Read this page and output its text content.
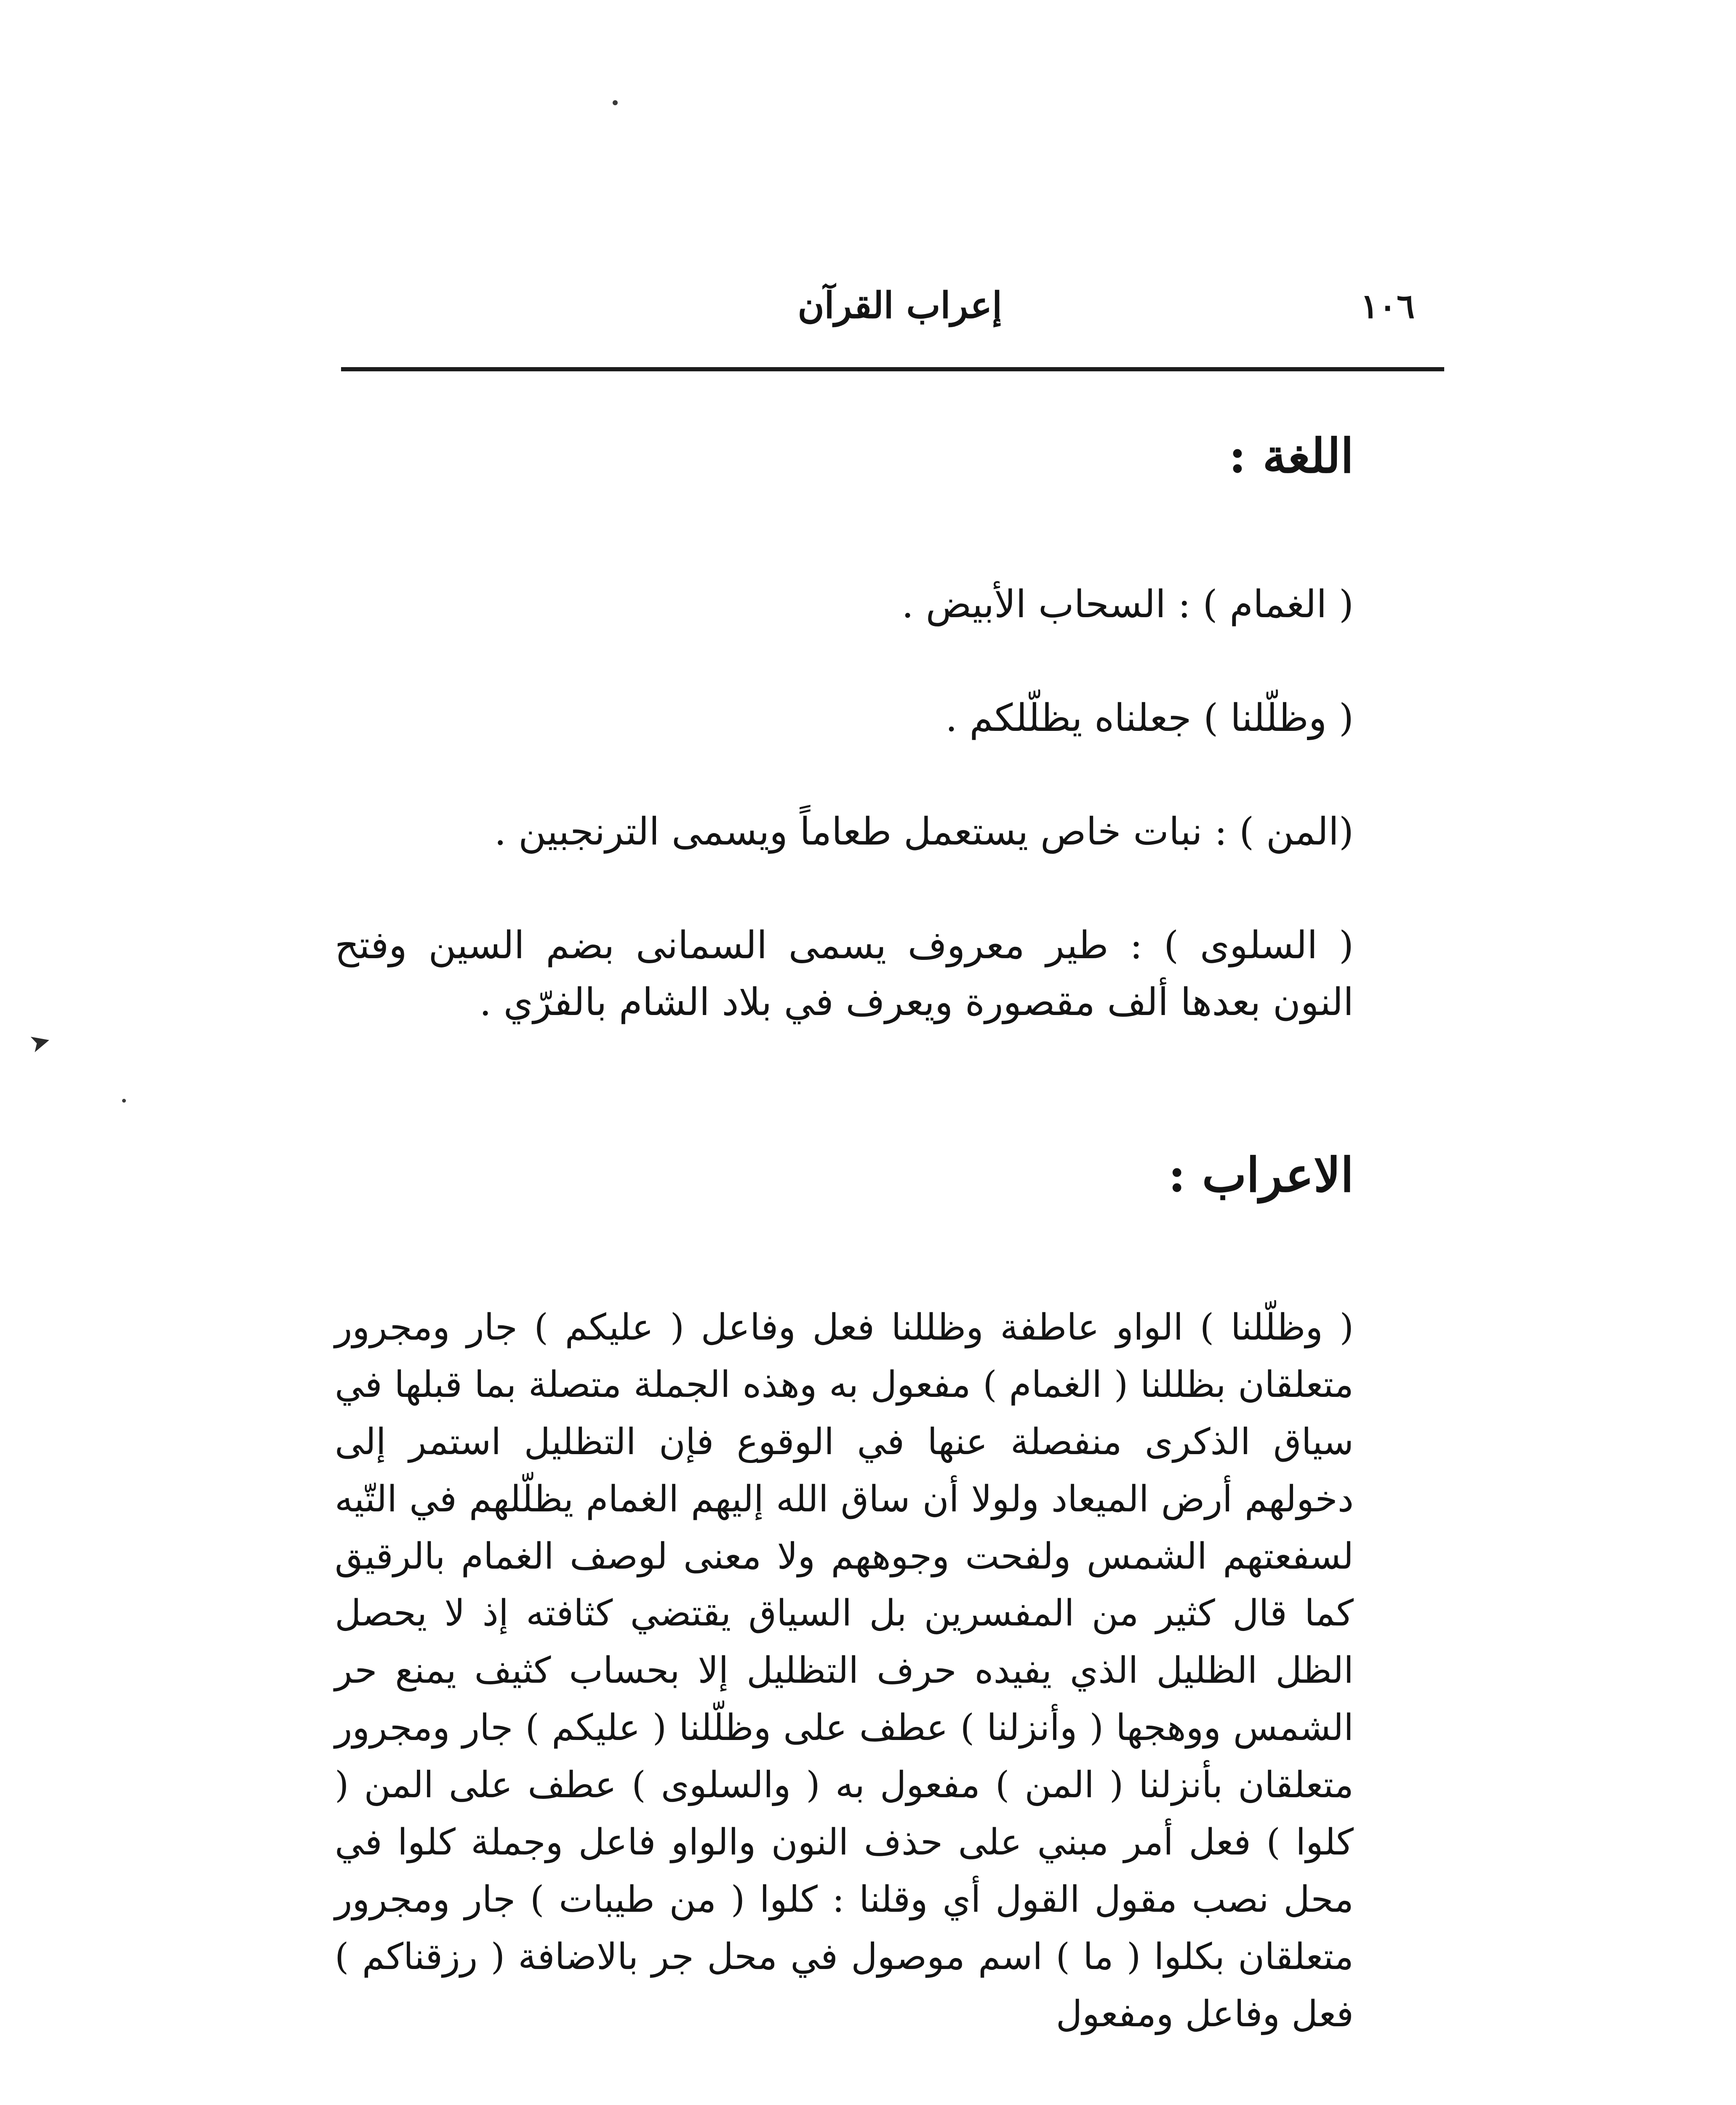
١٠٦
إعراب القرآن
اللغة :

( الغمام ) : السحاب الأبيض .

( وظلّلنا ) جعلناه يظلّلكم .

(المن ) : نبات خاص يستعمل طعاماً ويسمى الترنجبين .

( السلوى ) : طير معروف يسمى السمانى بضم السين وفتح النون بعدها ألف مقصورة ويعرف في بلاد الشام بالفرّي .

الاعراب :

( وظلّلنا ) الواو عاطفة وظللنا فعل وفاعل ( عليكم ) جار ومجرور متعلقان بظللنا ( الغمام ) مفعول به وهذه الجملة متصلة بما قبلها في سياق الذكرى منفصلة عنها في الوقوع فإن التظليل استمر إلى دخولهم أرض الميعاد ولولا أن ساق الله إليهم الغمام يظلّلهم في التّيه لسفعتهم الشمس ولفحت وجوههم ولا معنى لوصف الغمام بالرقيق كما قال كثير من المفسرين بل السياق يقتضي كثافته إذ لا يحصل الظل الظليل الذي يفيده حرف التظليل إلا بحساب كثيف يمنع حر الشمس ووهجها ( وأنزلنا ) عطف على وظلّلنا ( عليكم ) جار ومجرور متعلقان بأنزلنا ( المن ) مفعول به ( والسلوى ) عطف على المن ( كلوا ) فعل أمر مبني على حذف النون والواو فاعل وجملة كلوا في محل نصب مقول القول أي وقلنا : كلوا ( من طيبات ) جار ومجرور متعلقان بكلوا ( ما ) اسم موصول في محل جر بالاضافة ( رزقناكم ) فعل وفاعل ومفعول

➤
